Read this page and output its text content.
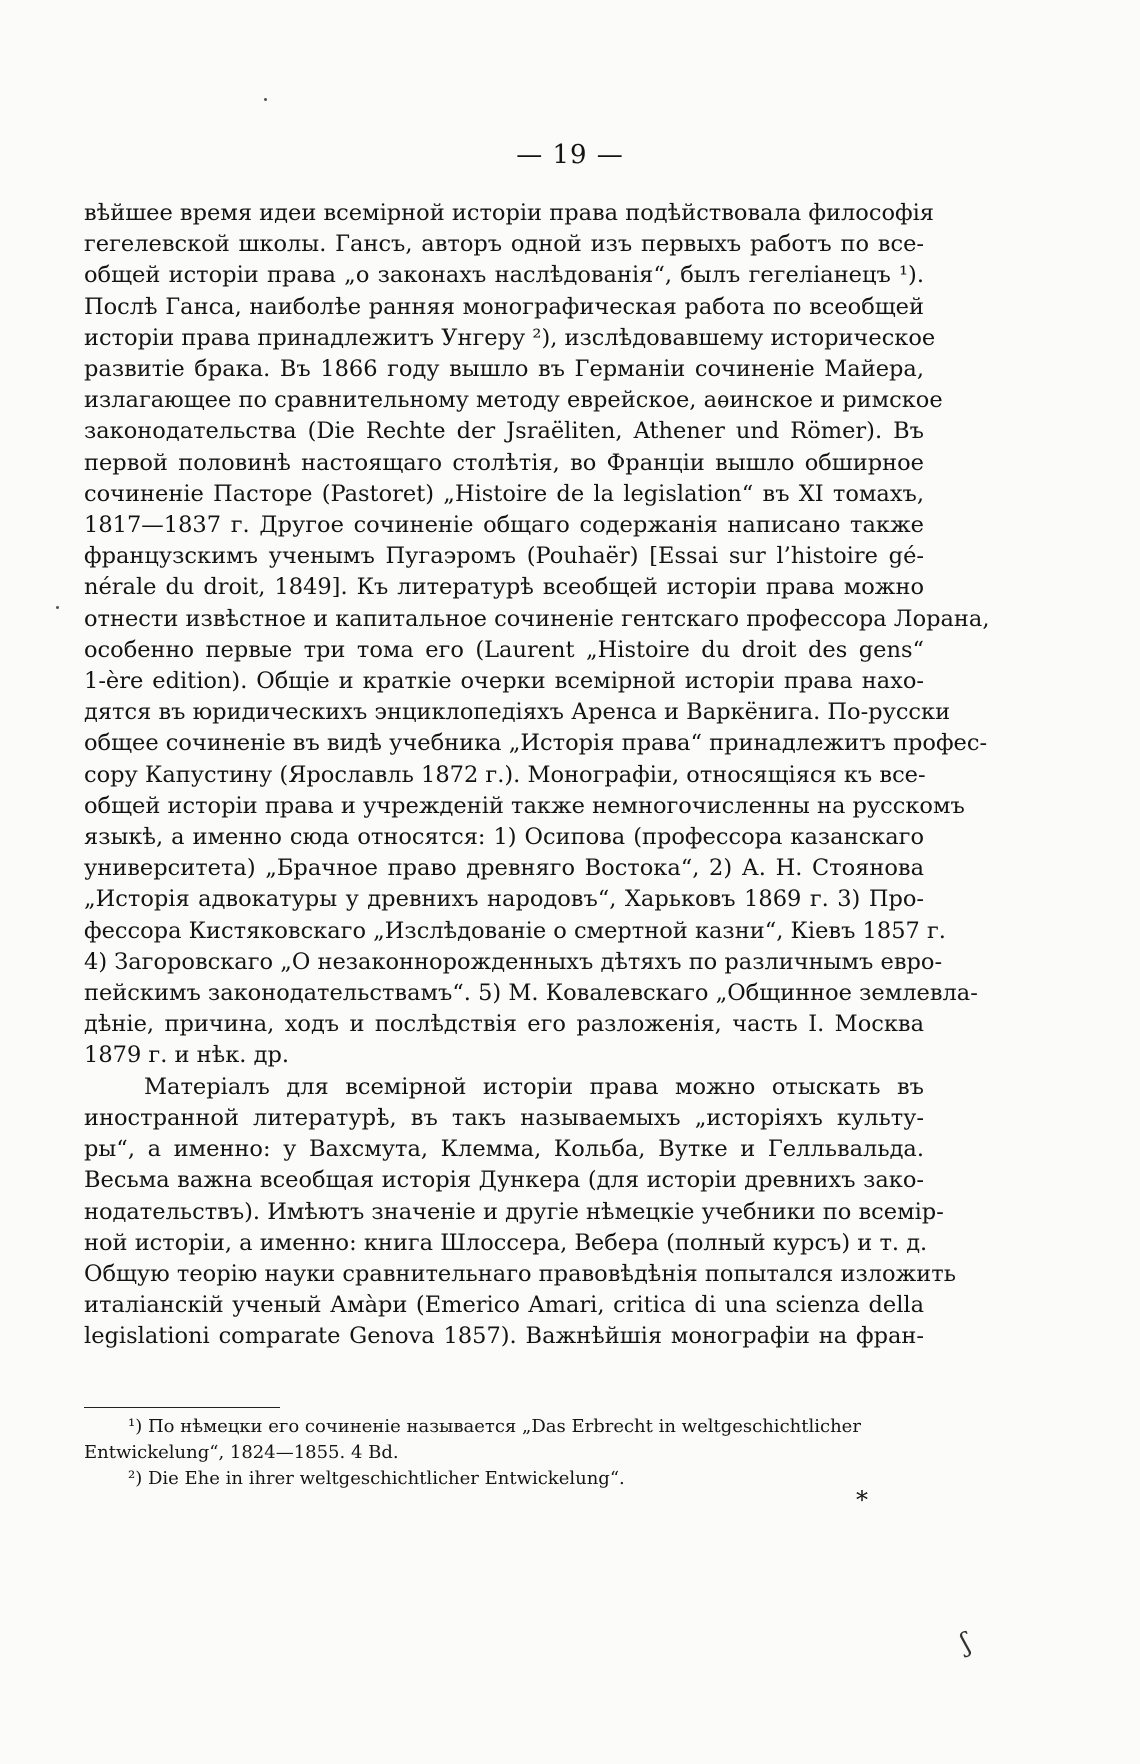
— 19 —
вѣйшее время идеи всемірной исторіи права подѣйствовала философія
гегелевской школы. Гансъ, авторъ одной изъ первыхъ работъ по все-
общей исторіи права „о законахъ наслѣдованія“, былъ гегеліанецъ ¹).
Послѣ Ганса, наиболѣе ранняя монографическая работа по всеобщей
исторіи права принадлежитъ Унгеру ²), изслѣдовавшему историческое
развитіе брака. Въ 1866 году вышло въ Германіи сочиненіе Майера,
излагающее по сравнительному методу еврейское, аѳинское и римское
законодательства (Die Rechte der Jsraëliten, Athener und Römer). Въ
первой половинѣ настоящаго столѣтія, во Франціи вышло обширное
сочиненіе Пасторе (Pastoret) „Histoire de la legislation“ въ XI томахъ,
1817—1837 г. Другое сочиненіе общаго содержанія написано также
французскимъ ученымъ Пугаэромъ (Pouhaër) [Essai sur l’histoire gé-
nérale du droit, 1849]. Къ литературѣ всеобщей исторіи права можно
отнести извѣстное и капитальное сочиненіе гентскаго профессора Лорана,
особенно первые три тома его (Laurent „Histoire du droit des gens“
1-ère edition). Общіе и краткіе очерки всемірной исторіи права нахо-
дятся въ юридическихъ энциклопедіяхъ Аренса и Варкёнига. По-русски
общее сочиненіе въ видѣ учебника „Исторія права“ принадлежитъ профес-
сору Капустину (Ярославль 1872 г.). Монографіи, относящіяся къ все-
общей исторіи права и учрежденій также немногочисленны на русскомъ
языкѣ, а именно сюда относятся: 1) Осипова (профессора казанскаго
университета) „Брачное право древняго Востока“, 2) А. Н. Стоянова
„Исторія адвокатуры у древнихъ народовъ“, Харьковъ 1869 г. 3) Про-
фессора Кистяковскаго „Изслѣдованіе о смертной казни“, Кіевъ 1857 г.
4) Загоровскаго „О незаконнорожденныхъ дѣтяхъ по различнымъ евро-
пейскимъ законодательствамъ“. 5) М. Ковалевскаго „Общинное землевла-
дѣніе, причина, ходъ и послѣдствія его разложенія, часть I. Москва
1879 г. и нѣк. др.
Матеріалъ для всемірной исторіи права можно отыскать въ
иностранной литературѣ, въ такъ называемыхъ „исторіяхъ культу-
ры“, а именно: у Вахсмута, Клемма, Кольба, Вутке и Гелльвальда.
Весьма важна всеобщая исторія Дункера (для исторіи древнихъ зако-
нодательствъ). Имѣютъ значеніе и другіе нѣмецкіе учебники по всемір-
ной исторіи, а именно: книга Шлоссера, Вебера (полный курсъ) и т. д.
Общую теорію науки сравнительнаго правовѣдѣнія попытался изложить
италіанскій ученый Амàри (Emerico Amari, critica di una scienza della
legislationi comparate Genova 1857). Важнѣйшія монографіи на фран-
¹) По нѣмецки его сочиненіе называется „Das Erbrecht in weltgeschichtlicher
Entwickelung“, 1824—1855. 4 Bd.
²) Die Ehe in ihrer weltgeschichtlicher Entwickelung“.
*
ʃ
